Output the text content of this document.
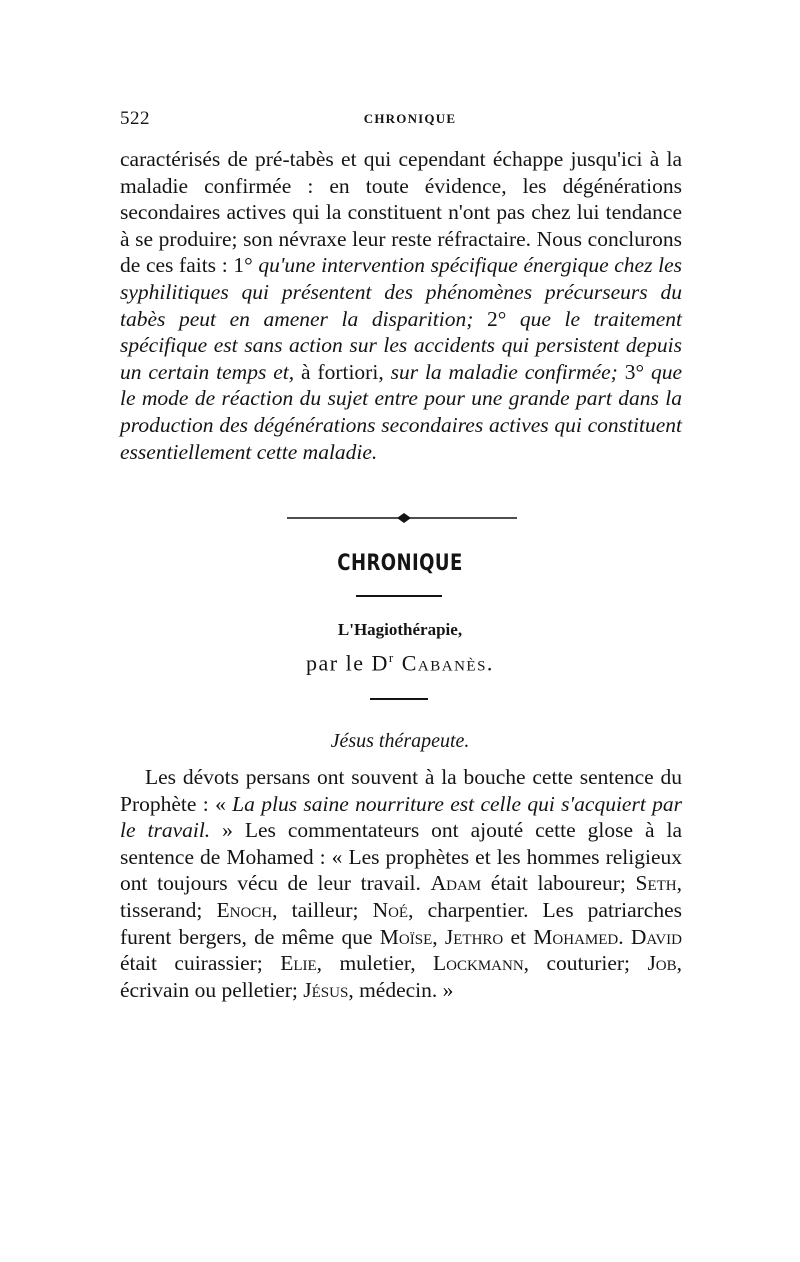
522	CHRONIQUE

caractérisés de pré-tabès et qui cependant échappe jusqu'ici à la maladie confirmée : en toute évidence, les dégénérations secondaires actives qui la constituent n'ont pas chez lui tendance à se produire; son névraxe leur reste réfractaire. Nous conclurons de ces faits : 1° qu'une intervention spécifique énergique chez les syphilitiques qui présentent des phénomènes précurseurs du tabès peut en amener la disparition; 2° que le traitement spécifique est sans action sur les accidents qui persistent depuis un certain temps et, à fortiori, sur la maladie confirmée; 3° que le mode de réaction du sujet entre pour une grande part dans la production des dégénérations secondaires actives qui constituent essentiellement cette maladie.

CHRONIQUE
L'Hagiothérapie,
par le $D^r$ Cabanès.
Jésus thérapeute.

Les dévots persans ont souvent à la bouche cette sentence du Prophète : « La plus saine nourriture est celle qui s'acquiert par le travail. » Les commentateurs ont ajouté cette glose à la sentence de Mohamed : « Les prophètes et les hommes religieux ont toujours vécu de leur travail. Adam était laboureur; Seth, tisserand; Enoch, tailleur; Noé, charpentier. Les patriarches furent bergers, de même que Moïse, Jethro et Mohamed. David était cuirassier; Elie, muletier, Lockmann, couturier; Job, écrivain ou pelletier; Jésus, médecin. »
